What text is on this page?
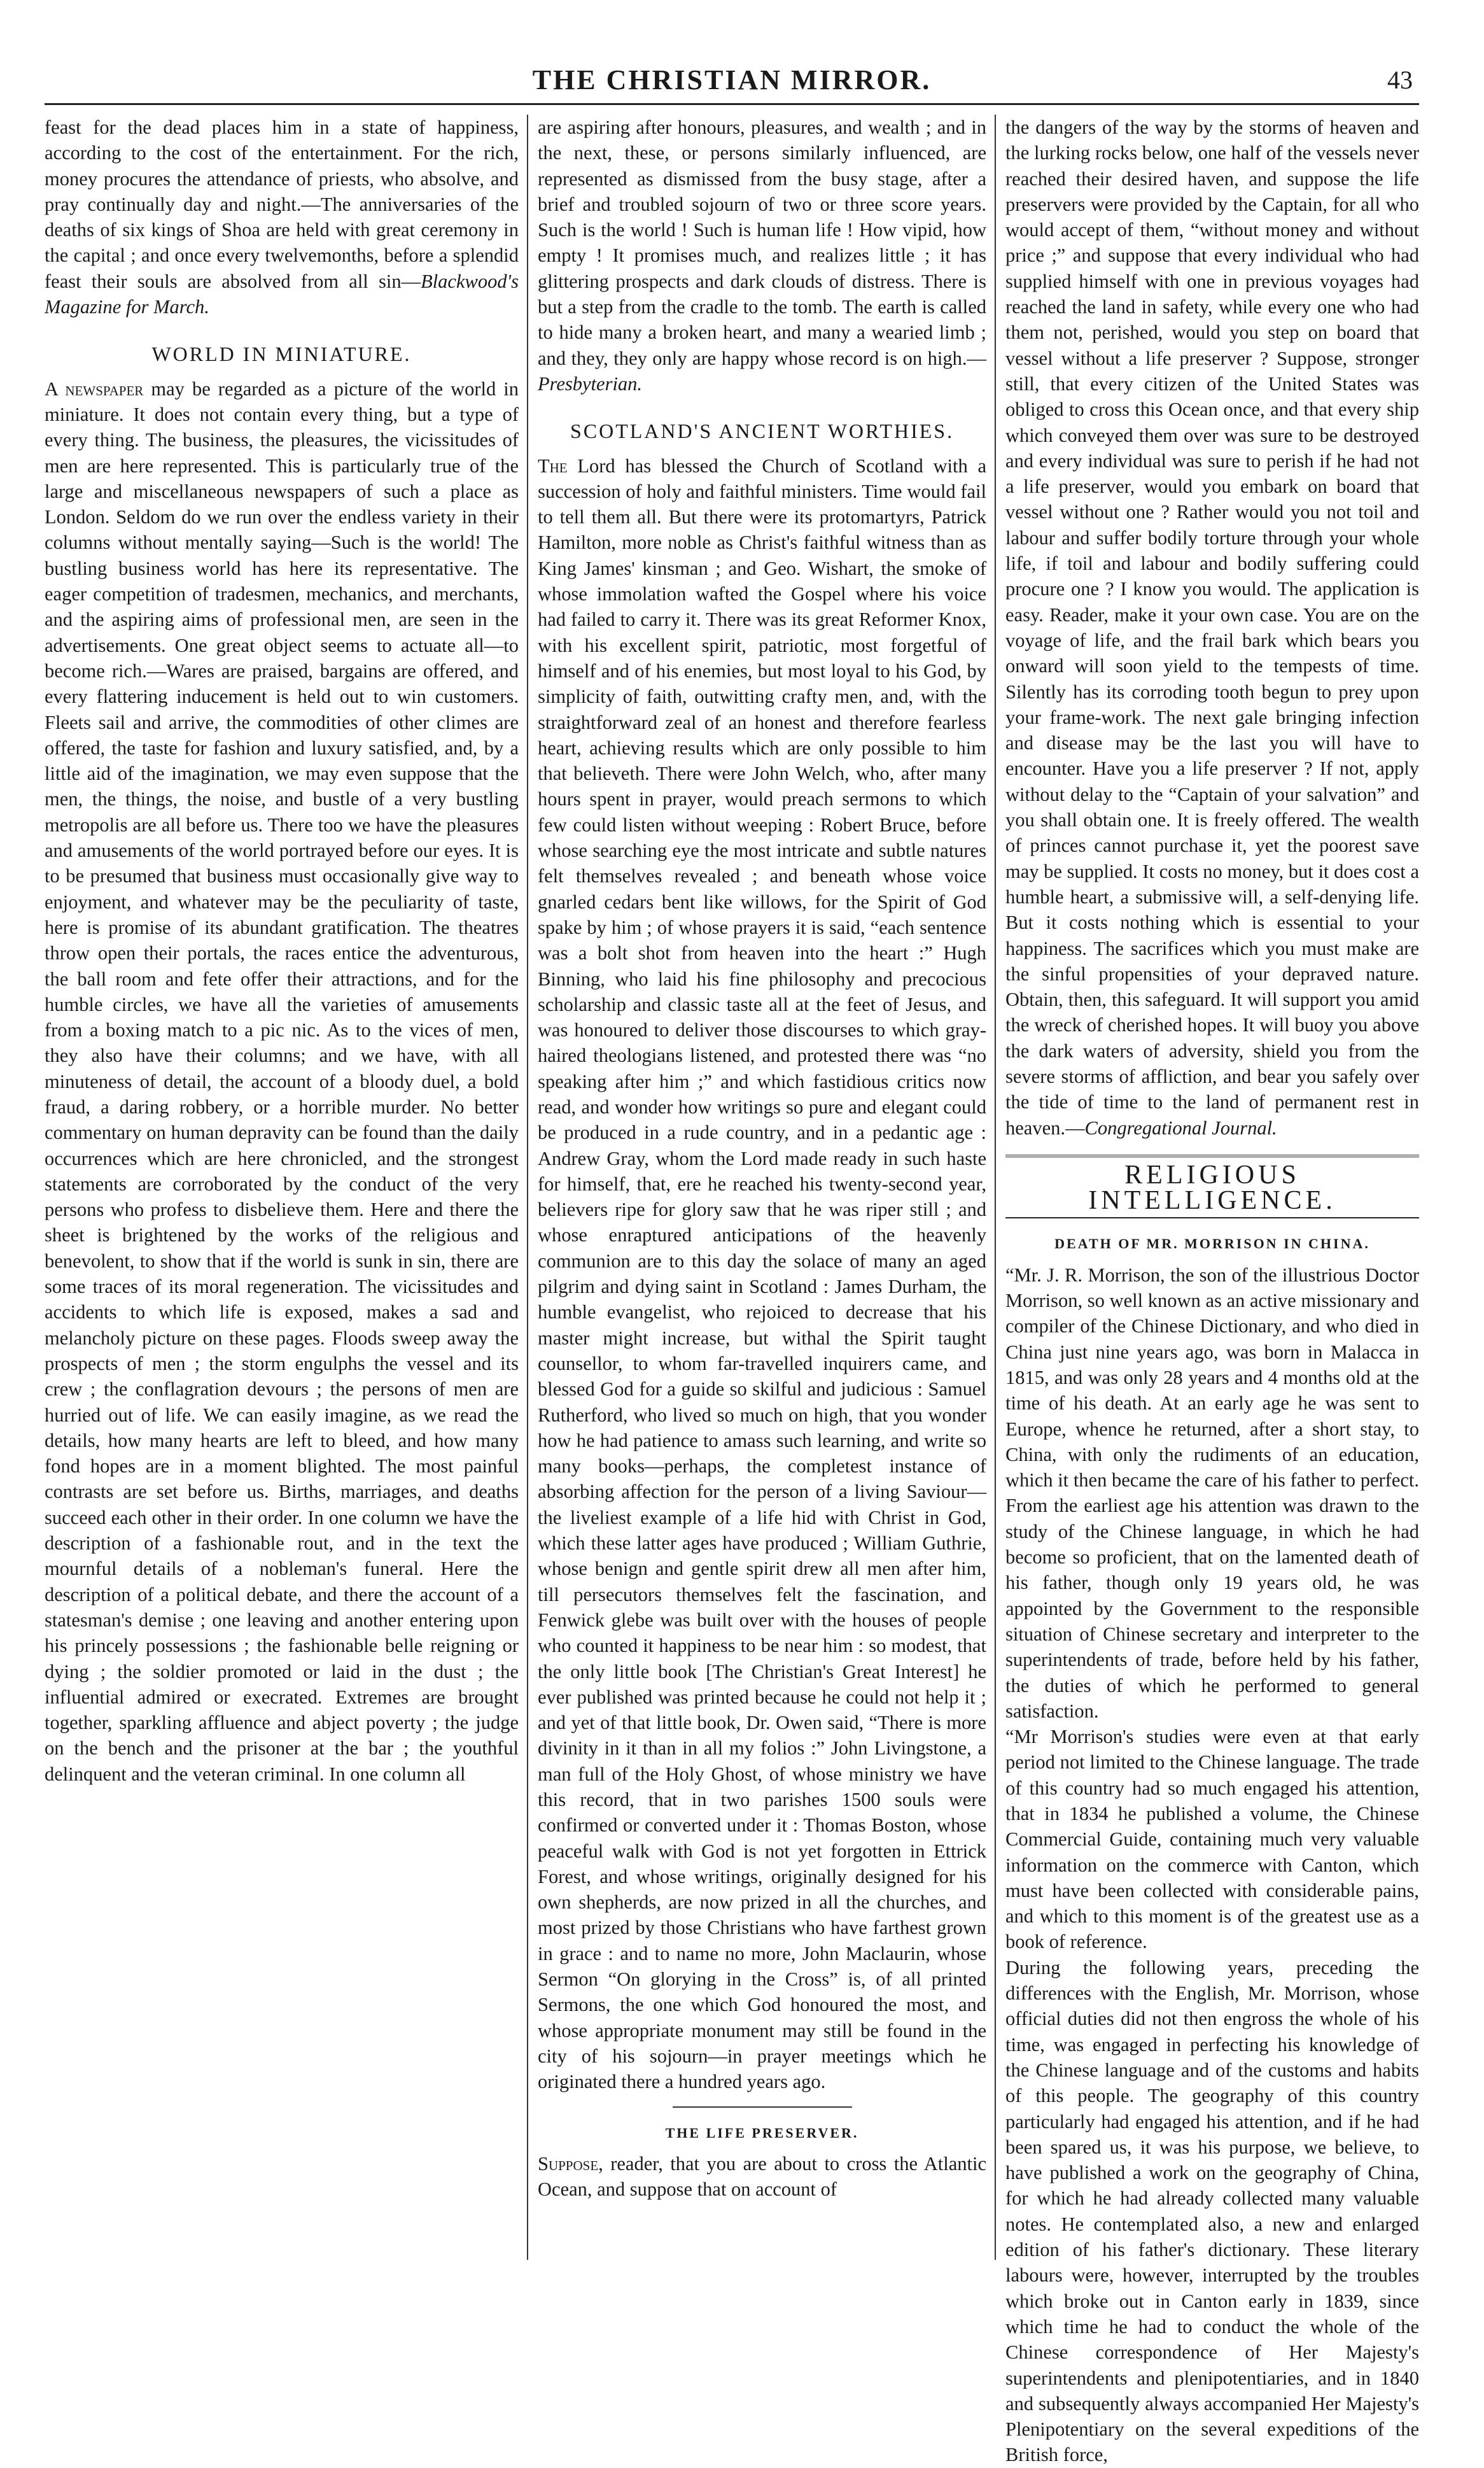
THE CHRISTIAN MIRROR.	43

feast for the dead places him in a state of happiness, according to the cost of the entertainment. For the rich, money procures the attendance of priests, who absolve, and pray continually day and night.—The anniversaries of the deaths of six kings of Shoa are held with great ceremony in the capital ; and once every twelvemonths, before a splendid feast their souls are absolved from all sin—Blackwood's Magazine for March.

WORLD IN MINIATURE.

A newspaper may be regarded as a picture of the world in miniature. It does not contain every thing, but a type of every thing. The business, the pleasures, the vicissitudes of men are here represented. This is particularly true of the large and miscellaneous newspapers of such a place as London. Seldom do we run over the endless variety in their columns without mentally saying—Such is the world! The bustling business world has here its representative. The eager competition of tradesmen, mechanics, and merchants, and the aspiring aims of professional men, are seen in the advertisements. One great object seems to actuate all—to become rich.—Wares are praised, bargains are offered, and every flattering inducement is held out to win customers. Fleets sail and arrive, the commodities of other climes are offered, the taste for fashion and luxury satisfied, and, by a little aid of the imagination, we may even suppose that the men, the things, the noise, and bustle of a very bustling metropolis are all before us. There too we have the pleasures and amusements of the world portrayed before our eyes. It is to be presumed that business must occasionally give way to enjoyment, and whatever may be the peculiarity of taste, here is promise of its abundant gratification. The theatres throw open their portals, the races entice the adventurous, the ball room and fete offer their attractions, and for the humble circles, we have all the varieties of amusements from a boxing match to a pic nic. As to the vices of men, they also have their columns; and we have, with all minuteness of detail, the account of a bloody duel, a bold fraud, a daring robbery, or a horrible murder. No better commentary on human depravity can be found than the daily occurrences which are here chronicled, and the strongest statements are corroborated by the conduct of the very persons who profess to disbelieve them. Here and there the sheet is brightened by the works of the religious and benevolent, to show that if the world is sunk in sin, there are some traces of its moral regeneration. The vicissitudes and accidents to which life is exposed, makes a sad and melancholy picture on these pages. Floods sweep away the prospects of men ; the storm engulphs the vessel and its crew ; the conflagration devours ; the persons of men are hurried out of life. We can easily imagine, as we read the details, how many hearts are left to bleed, and how many fond hopes are in a moment blighted. The most painful contrasts are set before us. Births, marriages, and deaths succeed each other in their order. In one column we have the description of a fashionable rout, and in the text the mournful details of a nobleman's funeral. Here the description of a political debate, and there the account of a statesman's demise ; one leaving and another entering upon his princely possessions ; the fashionable belle reigning or dying ; the soldier promoted or laid in the dust ; the influential admired or execrated. Extremes are brought together, sparkling affluence and abject poverty ; the judge on the bench and the prisoner at the bar ; the youthful delinquent and the veteran criminal. In one column all

are aspiring after honours, pleasures, and wealth ; and in the next, these, or persons similarly influenced, are represented as dismissed from the busy stage, after a brief and troubled sojourn of two or three score years. Such is the world ! Such is human life ! How vipid, how empty ! It promises much, and realizes little ; it has glittering prospects and dark clouds of distress. There is but a step from the cradle to the tomb. The earth is called to hide many a broken heart, and many a wearied limb ; and they, they only are happy whose record is on high.—Presbyterian.

SCOTLAND'S ANCIENT WORTHIES.

The Lord has blessed the Church of Scotland with a succession of holy and faithful ministers. Time would fail to tell them all. But there were its protomartyrs, Patrick Hamilton, more noble as Christ's faithful witness than as King James' kinsman ; and Geo. Wishart, the smoke of whose immolation wafted the Gospel where his voice had failed to carry it. There was its great Reformer Knox, with his excellent spirit, patriotic, most forgetful of himself and of his enemies, but most loyal to his God, by simplicity of faith, outwitting crafty men, and, with the straightforward zeal of an honest and therefore fearless heart, achieving results which are only possible to him that believeth. There were John Welch, who, after many hours spent in prayer, would preach sermons to which few could listen without weeping : Robert Bruce, before whose searching eye the most intricate and subtle natures felt themselves revealed ; and beneath whose voice gnarled cedars bent like willows, for the Spirit of God spake by him ; of whose prayers it is said, “each sentence was a bolt shot from heaven into the heart :” Hugh Binning, who laid his fine philosophy and precocious scholarship and classic taste all at the feet of Jesus, and was honoured to deliver those discourses to which gray-haired theologians listened, and protested there was “no speaking after him ;” and which fastidious critics now read, and wonder how writings so pure and elegant could be produced in a rude country, and in a pedantic age : Andrew Gray, whom the Lord made ready in such haste for himself, that, ere he reached his twenty-second year, believers ripe for glory saw that he was riper still ; and whose enraptured anticipations of the heavenly communion are to this day the solace of many an aged pilgrim and dying saint in Scotland : James Durham, the humble evangelist, who rejoiced to decrease that his master might increase, but withal the Spirit taught counsellor, to whom far-travelled inquirers came, and blessed God for a guide so skilful and judicious : Samuel Rutherford, who lived so much on high, that you wonder how he had patience to amass such learning, and write so many books—perhaps, the completest instance of absorbing affection for the person of a living Saviour—the liveliest example of a life hid with Christ in God, which these latter ages have produced ; William Guthrie, whose benign and gentle spirit drew all men after him, till persecutors themselves felt the fascination, and Fenwick glebe was built over with the houses of people who counted it happiness to be near him : so modest, that the only little book [The Christian's Great Interest] he ever published was printed because he could not help it ; and yet of that little book, Dr. Owen said, “There is more divinity in it than in all my folios :” John Livingstone, a man full of the Holy Ghost, of whose ministry we have this record, that in two parishes 1500 souls were confirmed or converted under it : Thomas Boston, whose peaceful walk with God is not yet forgotten in Ettrick Forest, and whose writings, originally designed for his own shepherds, are now prized in all the churches, and most prized by those Christians who have farthest grown in grace : and to name no more, John Maclaurin, whose Sermon “On glorying in the Cross” is, of all printed Sermons, the one which God honoured the most, and whose appropriate monument may still be found in the city of his sojourn—in prayer meetings which he originated there a hundred years ago.

THE LIFE PRESERVER.

Suppose, reader, that you are about to cross the Atlantic Ocean, and suppose that on account of

the dangers of the way by the storms of heaven and the lurking rocks below, one half of the vessels never reached their desired haven, and suppose the life preservers were provided by the Captain, for all who would accept of them, “without money and without price ;” and suppose that every individual who had supplied himself with one in previous voyages had reached the land in safety, while every one who had them not, perished, would you step on board that vessel without a life preserver ? Suppose, stronger still, that every citizen of the United States was obliged to cross this Ocean once, and that every ship which conveyed them over was sure to be destroyed and every individual was sure to perish if he had not a life preserver, would you embark on board that vessel without one ? Rather would you not toil and labour and suffer bodily torture through your whole life, if toil and labour and bodily suffering could procure one ? I know you would. The application is easy. Reader, make it your own case. You are on the voyage of life, and the frail bark which bears you onward will soon yield to the tempests of time. Silently has its corroding tooth begun to prey upon your frame-work. The next gale bringing infection and disease may be the last you will have to encounter. Have you a life preserver ? If not, apply without delay to the “Captain of your salvation” and you shall obtain one. It is freely offered. The wealth of princes cannot purchase it, yet the poorest save may be supplied. It costs no money, but it does cost a humble heart, a submissive will, a self-denying life. But it costs nothing which is essential to your happiness. The sacrifices which you must make are the sinful propensities of your depraved nature. Obtain, then, this safeguard. It will support you amid the wreck of cherished hopes. It will buoy you above the dark waters of adversity, shield you from the severe storms of affliction, and bear you safely over the tide of time to the land of permanent rest in heaven.—Congregational Journal.

RELIGIOUS INTELLIGENCE.
DEATH OF MR. MORRISON IN CHINA.

“Mr. J. R. Morrison, the son of the illustrious Doctor Morrison, so well known as an active missionary and compiler of the Chinese Dictionary, and who died in China just nine years ago, was born in Malacca in 1815, and was only 28 years and 4 months old at the time of his death. At an early age he was sent to Europe, whence he returned, after a short stay, to China, with only the rudiments of an education, which it then became the care of his father to perfect. From the earliest age his attention was drawn to the study of the Chinese language, in which he had become so proficient, that on the lamented death of his father, though only 19 years old, he was appointed by the Government to the responsible situation of Chinese secretary and interpreter to the superintendents of trade, before held by his father, the duties of which he performed to general satisfaction.

“Mr Morrison's studies were even at that early period not limited to the Chinese language. The trade of this country had so much engaged his attention, that in 1834 he published a volume, the Chinese Commercial Guide, containing much very valuable information on the commerce with Canton, which must have been collected with considerable pains, and which to this moment is of the greatest use as a book of reference.

During the following years, preceding the differences with the English, Mr. Morrison, whose official duties did not then engross the whole of his time, was engaged in perfecting his knowledge of the Chinese language and of the customs and habits of this people. The geography of this country particularly had engaged his attention, and if he had been spared us, it was his purpose, we believe, to have published a work on the geography of China, for which he had already collected many valuable notes. He contemplated also, a new and enlarged edition of his father's dictionary. These literary labours were, however, interrupted by the troubles which broke out in Canton early in 1839, since which time he had to conduct the whole of the Chinese correspondence of Her Majesty's superintendents and plenipotentiaries, and in 1840 and subsequently always accompanied Her Majesty's Plenipotentiary on the several expeditions of the British force,
